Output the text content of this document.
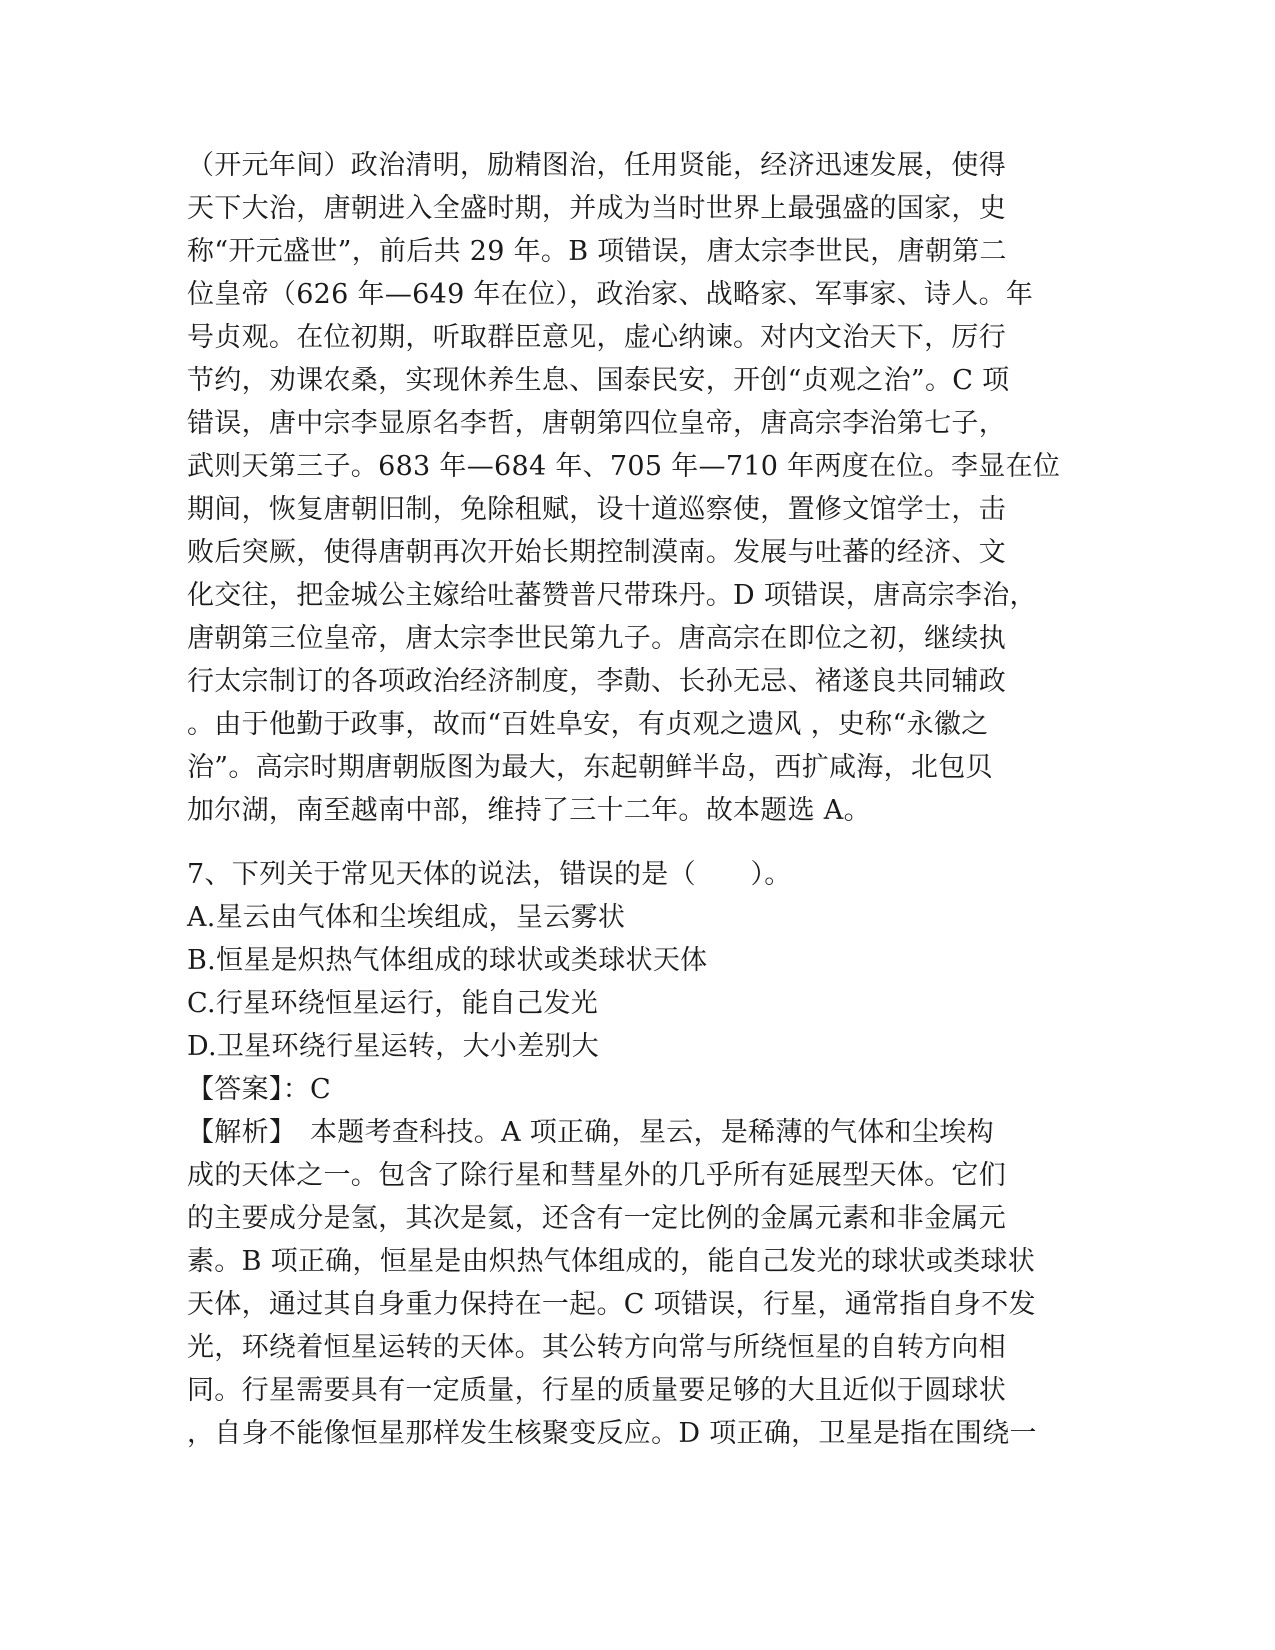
（开元年间）政治清明，励精图治，任用贤能，经济迅速发展，使得
天下大治，唐朝进入全盛时期，并成为当时世界上最强盛的国家，史
称“开元盛世”，前后共 29 年。B 项错误，唐太宗李世民，唐朝第二
位皇帝（626 年—649 年在位），政治家、战略家、军事家、诗人。年
号贞观。在位初期，听取群臣意见，虚心纳谏。对内文治天下，厉行
节约，劝课农桑，实现休养生息、国泰民安，开创“贞观之治”。C 项
错误，唐中宗李显原名李哲，唐朝第四位皇帝，唐高宗李治第七子，
武则天第三子。683 年—684 年、705 年—710 年两度在位。李显在位
期间，恢复唐朝旧制，免除租赋，设十道巡察使，置修文馆学士，击
败后突厥，使得唐朝再次开始长期控制漠南。发展与吐蕃的经济、文
化交往，把金城公主嫁给吐蕃赞普尺带珠丹。D 项错误，唐高宗李治，
唐朝第三位皇帝，唐太宗李世民第九子。唐高宗在即位之初，继续执
行太宗制订的各项政治经济制度，李勣、长孙无忌、褚遂良共同辅政
。由于他勤于政事，故而“百姓阜安，有贞观之遗风 ，史称“永徽之
治”。高宗时期唐朝版图为最大，东起朝鲜半岛，西扩咸海，北包贝
加尔湖，南至越南中部，维持了三十二年。故本题选 A。
7、下列关于常见天体的说法，错误的是（　　）。
A.星云由气体和尘埃组成，呈云雾状
B.恒星是炽热气体组成的球状或类球状天体
C.行星环绕恒星运行，能自己发光
D.卫星环绕行星运转，大小差别大
【答案】：C
【解析】　本题考查科技。A 项正确，星云，是稀薄的气体和尘埃构
成的天体之一。包含了除行星和彗星外的几乎所有延展型天体。它们
的主要成分是氢，其次是氦，还含有一定比例的金属元素和非金属元
素。B 项正确，恒星是由炽热气体组成的，能自己发光的球状或类球状
天体，通过其自身重力保持在一起。C 项错误，行星，通常指自身不发
光，环绕着恒星运转的天体。其公转方向常与所绕恒星的自转方向相
同。行星需要具有一定质量，行星的质量要足够的大且近似于圆球状
，自身不能像恒星那样发生核聚变反应。D 项正确，卫星是指在围绕一
